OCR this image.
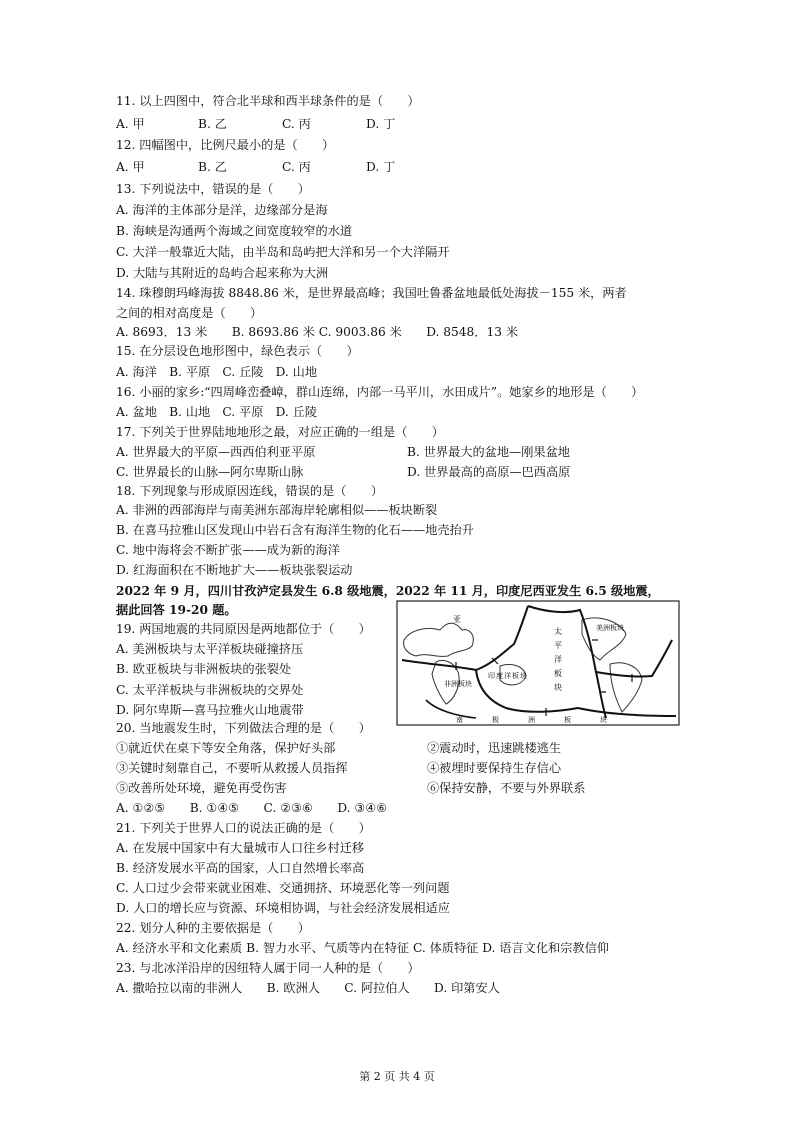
11. 以上四图中，符合北半球和西半球条件的是（　　）
A. 甲	B. 乙	C. 丙	D. 丁
12. 四幅图中，比例尺最小的是（　　）
A. 甲	B. 乙	C. 丙	D. 丁
13. 下列说法中，错误的是（　　）
A. 海洋的主体部分是洋，边缘部分是海
B. 海峡是沟通两个海域之间宽度较窄的水道
C. 大洋一般靠近大陆，由半岛和岛屿把大洋和另一个大洋隔开
D. 大陆与其附近的岛屿合起来称为大洲
14. 珠穆朗玛峰海拔 8848.86 米，是世界最高峰；我国吐鲁番盆地最低处海拔－155 米，两者
之间的相对高度是（　　）
A. 8693．13 米　　B. 8693.86 米 C. 9003.86 米　　D. 8548．13 米
15. 在分层设色地形图中，绿色表示（　　）
A. 海洋　B. 平原　C. 丘陵　D. 山地
16. 小丽的家乡:“四周峰峦叠嶂，群山连绵，内部一马平川，水田成片”。她家乡的地形是（　　）
A. 盆地　B. 山地　C. 平原　D. 丘陵
17. 下列关于世界陆地地形之最，对应正确的一组是（　　）
A. 世界最大的平原—西西伯利亚平原	B. 世界最大的盆地—刚果盆地
C. 世界最长的山脉—阿尔卑斯山脉	D. 世界最高的高原—巴西高原
18. 下列现象与形成原因连线，错误的是（　　）
A. 非洲的西部海岸与南美洲东部海岸轮廓相似——板块断裂
B. 在喜马拉雅山区发现山中岩石含有海洋生物的化石——地壳抬升
C. 地中海将会不断扩张——成为新的海洋
D. 红海面积在不断地扩大——板块张裂运动
2022 年 9 月，四川甘孜泸定县发生 6.8 级地震，2022 年 11 月，印度尼西亚发生 6.5 级地震，
据此回答 19-20 题。
19. 两国地震的共同原因是两地都位于（　　）
A. 美洲板块与太平洋板块碰撞挤压
B. 欧亚板块与非洲板块的张裂处
C. 太平洋板块与非洲板块的交界处
D. 阿尔卑斯—喜马拉雅火山地震带
亚
太
平
洋
板
块
非洲板块
印 度 洋 板 块
南	极	洲	板	块
美洲板块
20. 当地震发生时，下列做法合理的是（　　）
①就近伏在桌下等安全角落，保护好头部	②震动时，迅速跳楼逃生
③关键时刻靠自己，不要听从救援人员指挥	④被埋时要保持生存信心
⑤改善所处环境，避免再受伤害	⑥保持安静，不要与外界联系
A. ①②⑤　　B. ①④⑤　　C. ②③⑥　　D. ③④⑥
21. 下列关于世界人口的说法正确的是（　　）
A. 在发展中国家中有大量城市人口往乡村迁移
B. 经济发展水平高的国家，人口自然增长率高
C. 人口过少会带来就业困难、交通拥挤、环境恶化等一列问题
D. 人口的增长应与资源、环境相协调，与社会经济发展相适应
22. 划分人种的主要依据是（　　）
A. 经济水平和文化素质 B. 智力水平、气质等内在特征 C. 体质特征 D. 语言文化和宗教信仰
23. 与北冰洋沿岸的因纽特人属于同一人种的是（　　）
A. 撒哈拉以南的非洲人　　B. 欧洲人　　C. 阿拉伯人　　D. 印第安人
第 2 页 共 4 页
